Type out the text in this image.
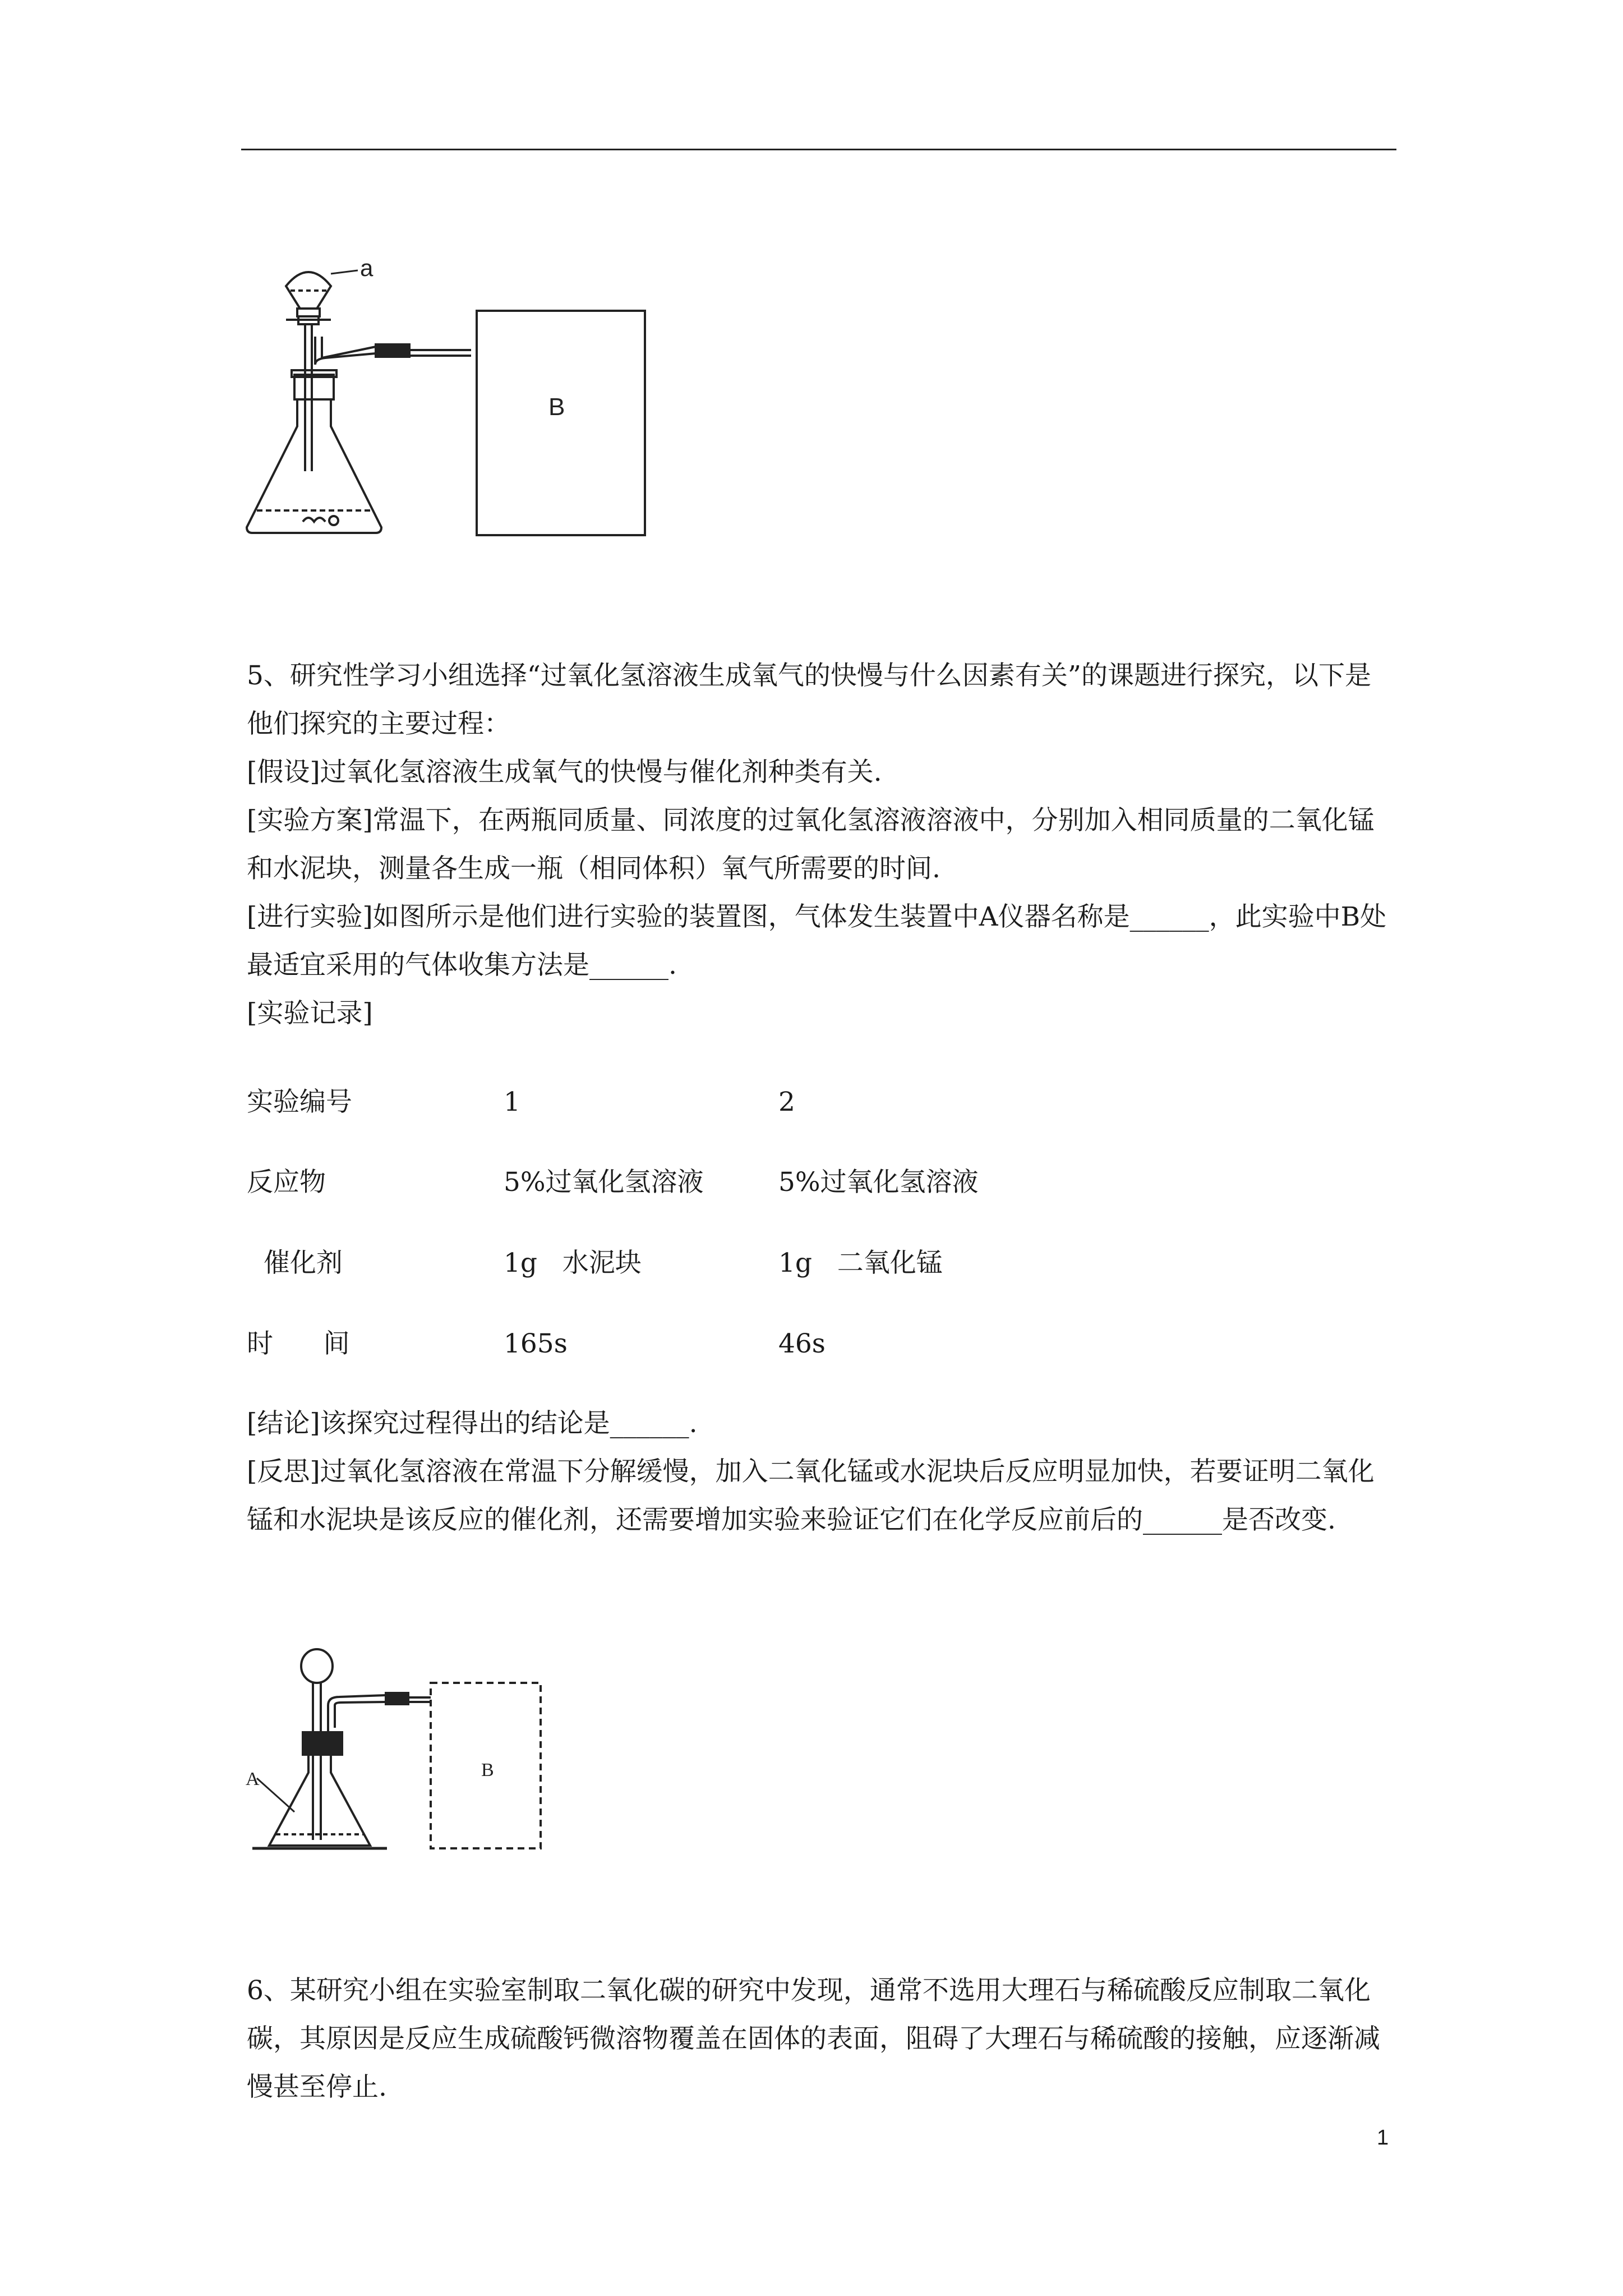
B
a

5、研究性学习小组选择“过氧化氢溶液生成氧气的快慢与什么因素有关”的课题进行探究，以下是他们探究的主要过程：

[假设]过氧化氢溶液生成氧气的快慢与催化剂种类有关.

[实验方案]常温下，在两瓶同质量、同浓度的过氧化氢溶液溶液中，分别加入相同质量的二氧化锰和水泥块，测量各生成一瓶（相同体积）氧气所需要的时间.

[进行实验]如图所示是他们进行实验的装置图，气体发生装置中A仪器名称是______，此实验中B处最适宜采用的气体收集方法是______.

[实验记录]

实验编号	1	2
反应物	5%过氧化氢溶液	5%过氧化氢溶液
催化剂	1g   水泥块	1g   二氧化锰
时      间	165s	46s

[结论]该探究过程得出的结论是______.

[反思]过氧化氢溶液在常温下分解缓慢，加入二氧化锰或水泥块后反应明显加快，若要证明二氧化锰和水泥块是该反应的催化剂，还需要增加实验来验证它们在化学反应前后的______是否改变.

A	B

6、某研究小组在实验室制取二氧化碳的研究中发现，通常不选用大理石与稀硫酸反应制取二氧化碳，其原因是反应生成硫酸钙微溶物覆盖在固体的表面，阻碍了大理石与稀硫酸的接触，应逐渐减慢甚至停止.

1
